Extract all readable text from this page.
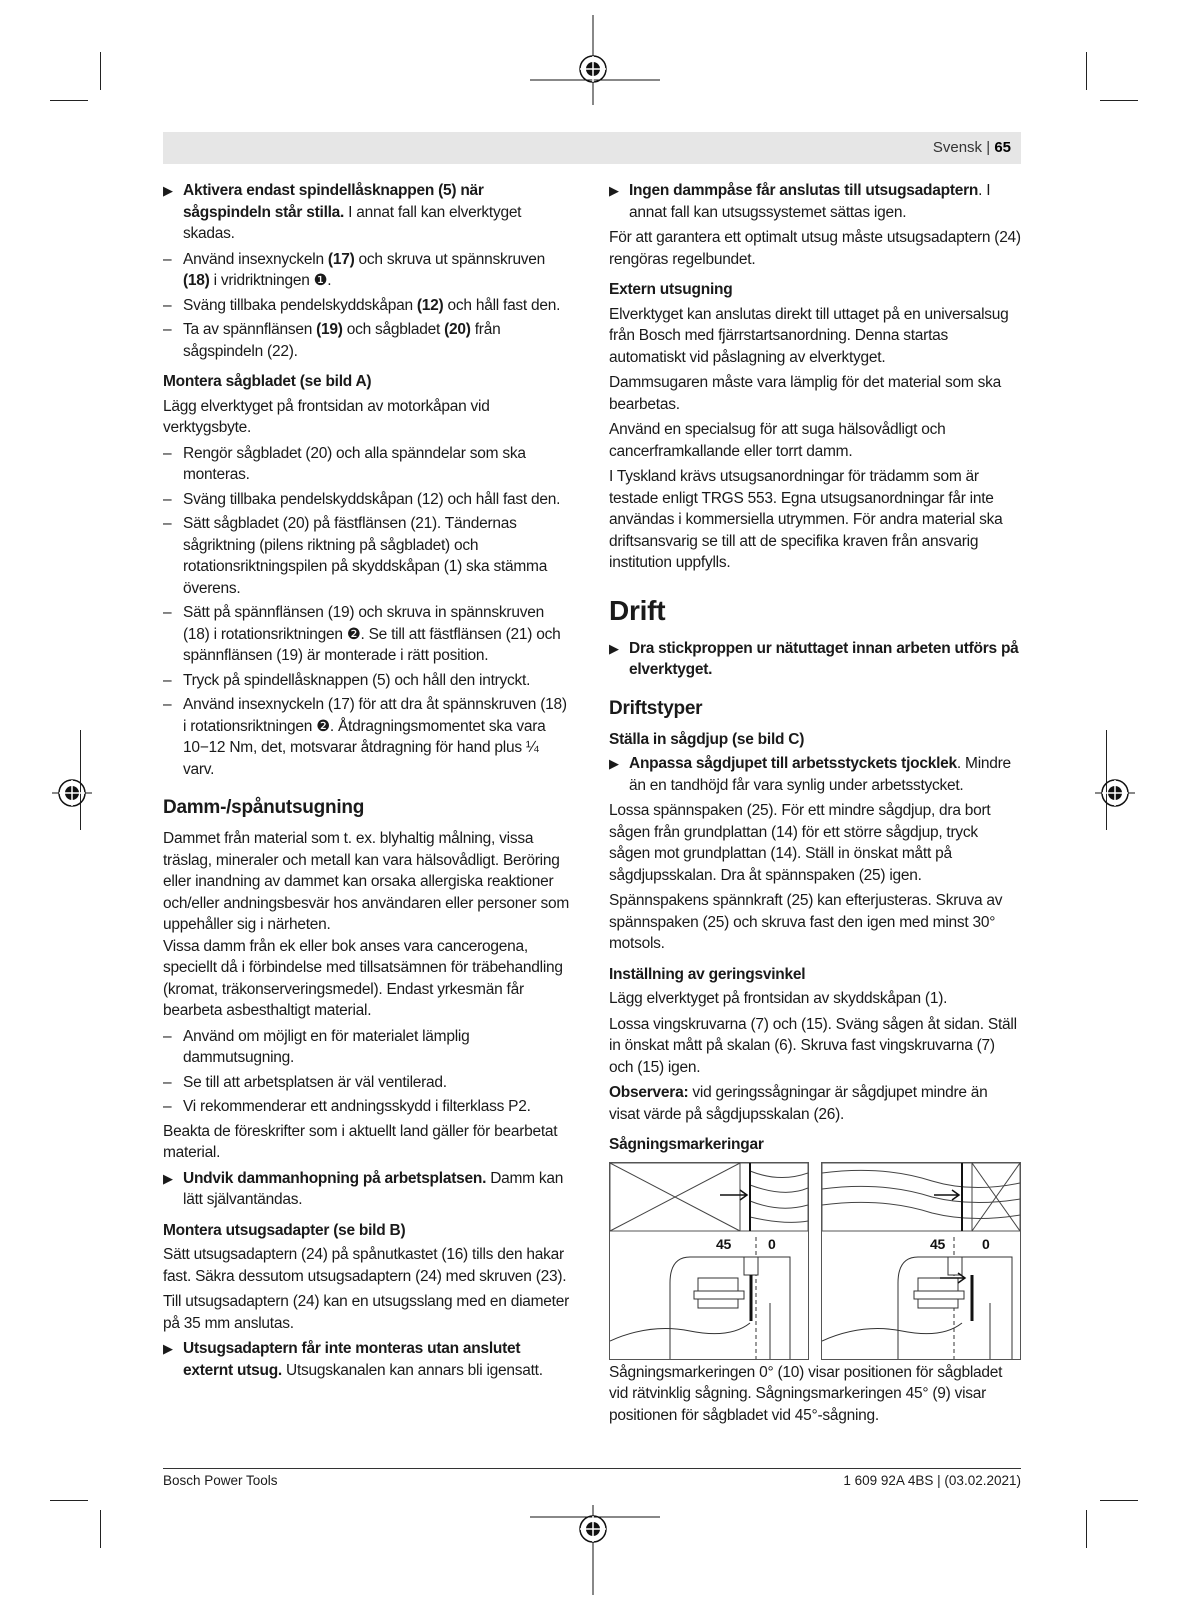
Svensk | 65
▶ Aktivera endast spindellåsknappen (5) när sågspindeln står stilla. I annat fall kan elverktyget skadas.
– Använd insexnyckeln (17) och skruva ut spännskruven (18) i vridriktningen ❶.
– Sväng tillbaka pendelskyddskåpan (12) och håll fast den.
– Ta av spännflänsen (19) och sågbladet (20) från sågspindeln (22).
Montera sågbladet (se bild A)
Lägg elverktyget på frontsidan av motorkåpan vid verktygsbyte.
– Rengör sågbladet (20) och alla spänndelar som ska monteras.
– Sväng tillbaka pendelskyddskåpan (12) och håll fast den.
– Sätt sågbladet (20) på fästflänsen (21). Tändernas sågriktning (pilens riktning på sågbladet) och rotationsriktningspilen på skyddskåpan (1) ska stämma överens.
– Sätt på spännflänsen (19) och skruva in spännskruven (18) i rotationsriktningen ❷. Se till att fästflänsen (21) och spännflänsen (19) är monterade i rätt position.
– Tryck på spindellåsknappen (5) och håll den intryckt.
– Använd insexnyckeln (17) för att dra åt spännskruven (18) i rotationsriktningen ❷. Åtdragningsmomentet ska vara 10−12 Nm, det, motsvarar åtdragning för hand plus ¼ varv.
Damm-/spånutsugning
Dammet från material som t. ex. blyhaltig målning, vissa träslag, mineraler och metall kan vara hälsovådligt. Beröring eller inandning av dammet kan orsaka allergiska reaktioner och/eller andningsbesvär hos användaren eller personer som uppehåller sig i närheten.
Vissa damm från ek eller bok anses vara cancerogena, speciellt då i förbindelse med tillsatsämnen för träbehandling (kromat, träkonserveringsmedel). Endast yrkesmän får bearbeta asbesthaltigt material.
– Använd om möjligt en för materialet lämplig dammutsugning.
– Se till att arbetsplatsen är väl ventilerad.
– Vi rekommenderar ett andningsskydd i filterklass P2.
Beakta de föreskrifter som i aktuellt land gäller för bearbetat material.
▶ Undvik dammanhopning på arbetsplatsen. Damm kan lätt självantändas.
Montera utsugsadapter (se bild B)
Sätt utsugsadaptern (24) på spånutkastet (16) tills den hakar fast. Säkra dessutom utsugsadaptern (24) med skruven (23).
Till utsugsadaptern (24) kan en utsugsslang med en diameter på 35 mm anslutas.
▶ Utsugsadaptern får inte monteras utan anslutet externt utsug. Utsugskanalen kan annars bli igensatt.
▶ Ingen dammpåse får anslutas till utsugsadaptern. I annat fall kan utsugssystemet sättas igen.
För att garantera ett optimalt utsug måste utsugsadaptern (24) rengöras regelbundet.
Extern utsugning
Elverktyget kan anslutas direkt till uttaget på en universalsug från Bosch med fjärrstartsanordning. Denna startas automatiskt vid påslagning av elverktyget.
Dammsugaren måste vara lämplig för det material som ska bearbetas.
Använd en specialsug för att suga hälsovådligt och cancerframkallande eller torrt damm.
I Tyskland krävs utsugsanordningar för trädamm som är testade enligt TRGS 553. Egna utsugsanordningar får inte användas i kommersiella utrymmen. För andra material ska driftsansvarig se till att de specifika kraven från ansvarig institution uppfylls.
Drift
▶ Dra stickproppen ur nätuttaget innan arbeten utförs på elverktyget.
Driftstyper
Ställa in sågdjup (se bild C)
▶ Anpassa sågdjupet till arbetsstyckets tjocklek. Mindre än en tandhöjd får vara synlig under arbetsstycket.
Lossa spännspaken (25). För ett mindre sågdjup, dra bort sågen från grundplattan (14) för ett större sågdjup, tryck sågen mot grundplattan (14). Ställ in önskat mått på sågdjupsskalan. Dra åt spännspaken (25) igen.
Spännspakens spännkraft (25) kan efterjusteras. Skruva av spännspaken (25) och skruva fast den igen med minst 30° motsols.
Inställning av geringsvinkel
Lägg elverktyget på frontsidan av skyddskåpan (1).
Lossa vingskruvarna (7) och (15). Sväng sågen åt sidan. Ställ in önskat mått på skalan (6). Skruva fast vingskruvarna (7) och (15) igen.
Observera: vid geringssågningar är sågdjupet mindre än visat värde på sågdjupsskalan (26).
Sågningsmarkeringar
45	0	45	0
Sågningsmarkeringen 0° (10) visar positionen för sågbladet vid rätvinklig sågning. Sågningsmarkeringen 45° (9) visar positionen för sågbladet vid 45°-sågning.
Bosch Power Tools	1 609 92A 4BS | (03.02.2021)
